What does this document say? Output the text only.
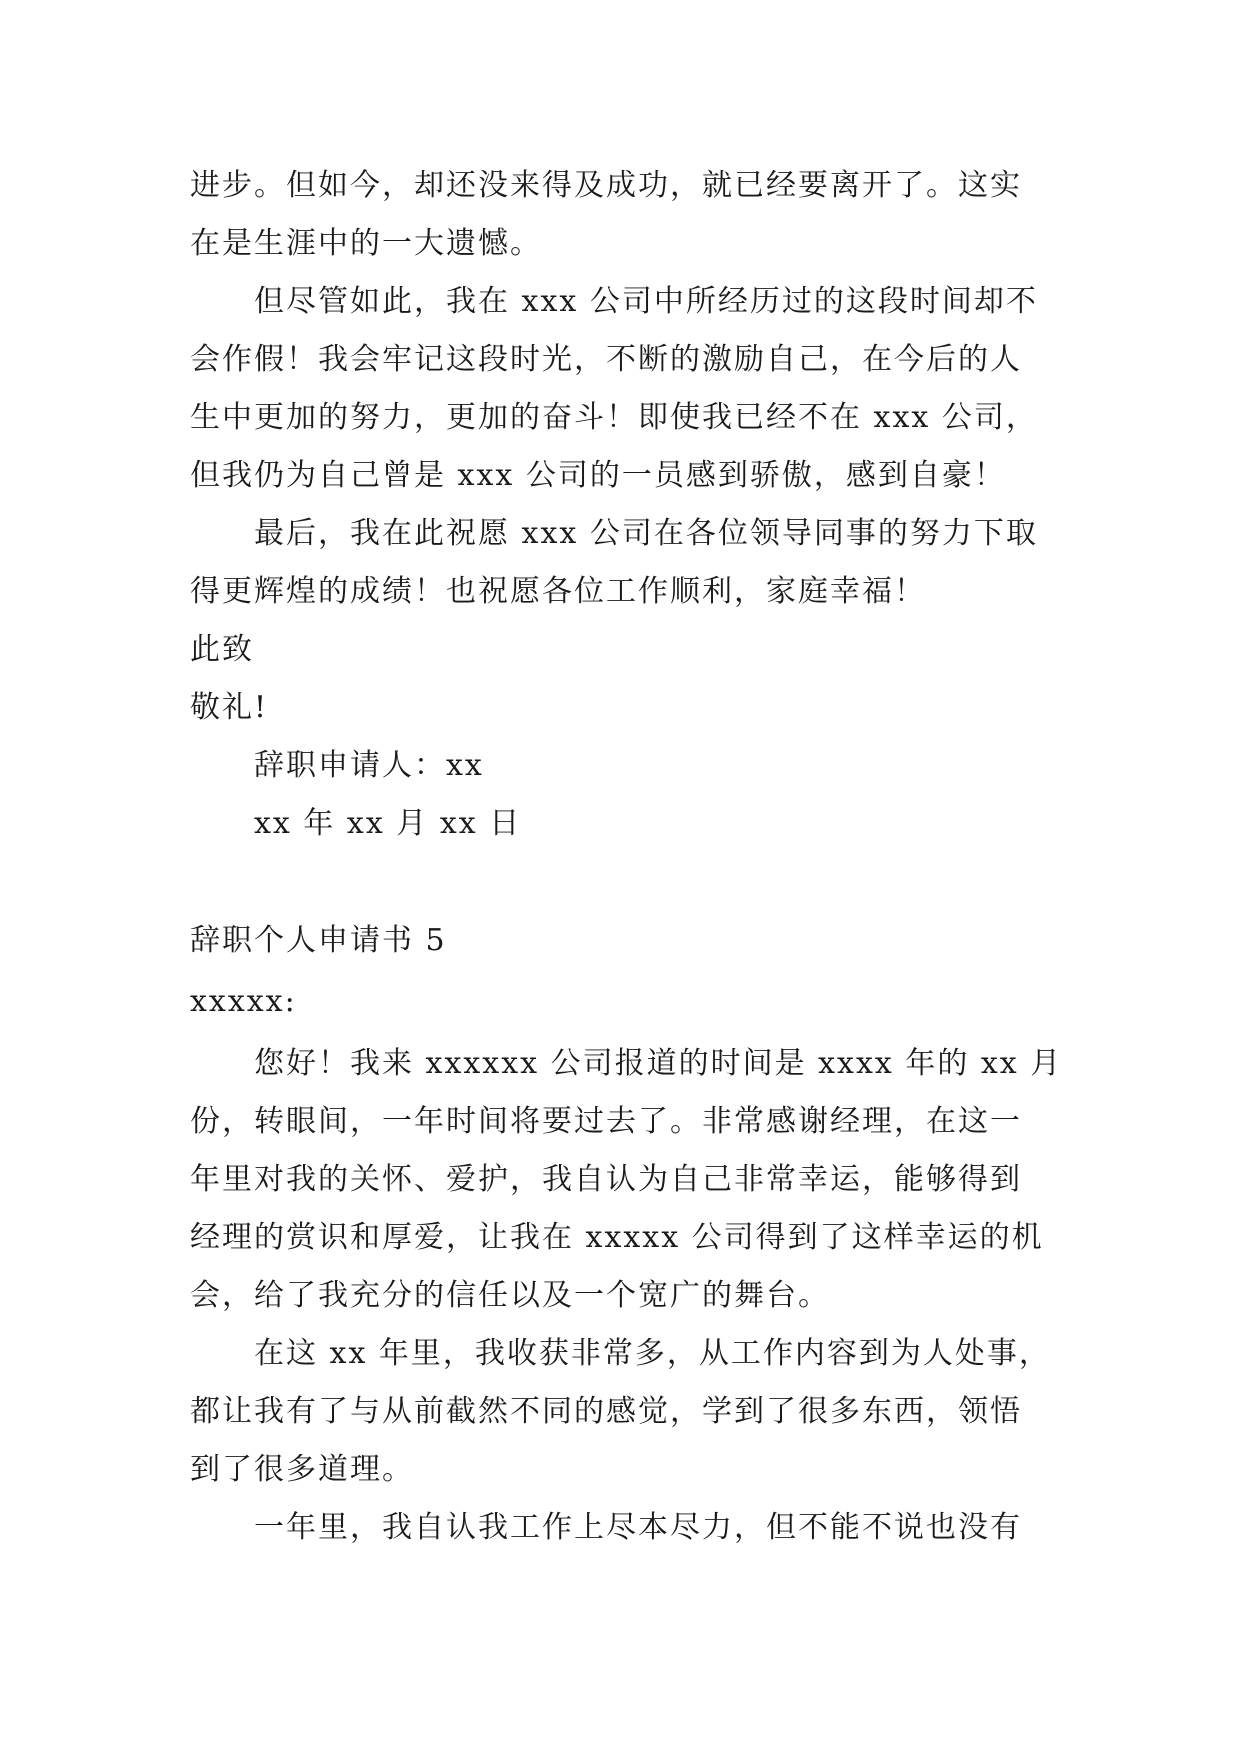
进步。但如今，却还没来得及成功，就已经要离开了。这实
在是生涯中的一大遗憾。
但尽管如此，我在 xxx 公司中所经历过的这段时间却不
会作假！我会牢记这段时光，不断的激励自己，在今后的人
生中更加的努力，更加的奋斗！即使我已经不在 xxx 公司，
但我仍为自己曾是 xxx 公司的一员感到骄傲，感到自豪！
最后，我在此祝愿 xxx 公司在各位领导同事的努力下取
得更辉煌的成绩！也祝愿各位工作顺利，家庭幸福！
此致
敬礼!
辞职申请人：xx
xx 年 xx 月 xx 日
辞职个人申请书 5
xxxxx:
您好！我来 xxxxxx 公司报道的时间是 xxxx 年的 xx 月
份，转眼间，一年时间将要过去了。非常感谢经理，在这一
年里对我的关怀、爱护，我自认为自己非常幸运，能够得到
经理的赏识和厚爱，让我在 xxxxx 公司得到了这样幸运的机
会，给了我充分的信任以及一个宽广的舞台。
在这 xx 年里，我收获非常多，从工作内容到为人处事，
都让我有了与从前截然不同的感觉，学到了很多东西，领悟
到了很多道理。
一年里，我自认我工作上尽本尽力，但不能不说也没有
